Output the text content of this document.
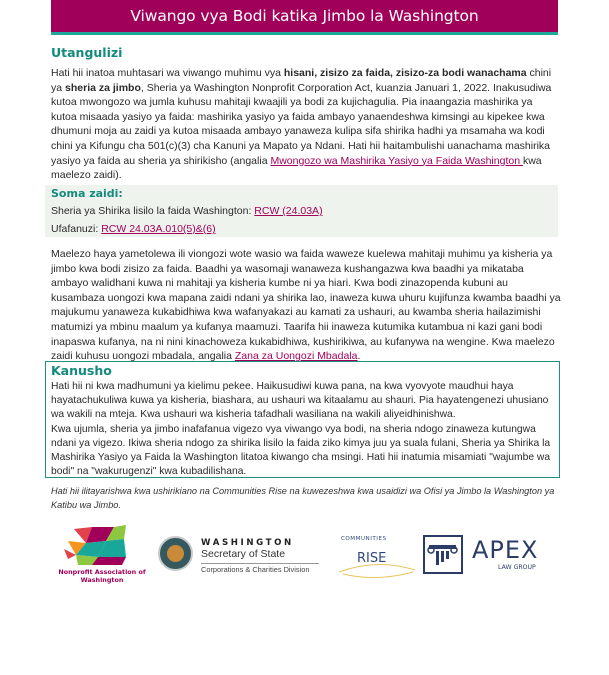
Viwango vya Bodi katika Jimbo la Washington
Utangulizi

Hati hii inatoa muhtasari wa viwango muhimu vya hisani, zisizo za faida, zisizo-za bodi wanachama chini ya sheria za jimbo, Sheria ya Washington Nonprofit Corporation Act, kuanzia Januari 1, 2022. Inakusudiwa kutoa mwongozo wa jumla kuhusu mahitaji kwaajili ya bodi za kujichagulia. Pia inaangazia mashirika ya kutoa misaada yasiyo ya faida: mashirika yasiyo ya faida ambayo yanaendeshwa kimsingi au kipekee kwa dhumuni moja au zaidi ya kutoa misaada ambayo yanaweza kulipa sifa shirika hadhi ya msamaha wa kodi chini ya Kifungu cha 501(c)(3) cha Kanuni ya Mapato ya Ndani. Hati hii haitambulishi uanachama mashirika yasiyo ya faida au sheria ya shirikisho (angalia Mwongozo wa Mashirika Yasiyo ya Faida Washington kwa maelezo zaidi).

Soma zaidi:

Sheria ya Shirika lisilo la faida Washington: RCW (24.03A)

Ufafanuzi: RCW 24.03A.010(5)&(6)

Maelezo haya yametolewa ili viongozi wote wasio wa faida waweze kuelewa mahitaji muhimu ya kisheria ya jimbo kwa bodi zisizo za faida. Baadhi ya wasomaji wanaweza kushangazwa kwa baadhi ya mikataba ambayo walidhani kuwa ni mahitaji ya kisheria kumbe ni ya hiari. Kwa bodi zinazopenda kubuni au kusambaza uongozi kwa mapana zaidi ndani ya shirika lao, inaweza kuwa uhuru kujifunza kwamba baadhi ya majukumu yanaweza kukabidhiwa kwa wafanyakazi au kamati za ushauri, au kwamba sheria hailazimishi matumizi ya mbinu maalum ya kufanya maamuzi. Taarifa hii inaweza kutumika kutambua ni kazi gani bodi inapaswa kufanya, na ni nini kinachoweza kukabidhiwa, kushirikiwa, au kufanywa na wengine. Kwa maelezo zaidi kuhusu uongozi mbadala, angalia Zana za Uongozi Mbadala.

Kanusho
Hati hii ni kwa madhumuni ya kielimu pekee. Haikusudiwi kuwa pana, na kwa vyovyote maudhui haya hayatachukuliwa kuwa ya kisheria, biashara, au ushauri wa kitaalamu au shauri. Pia hayatengenezi uhusiano wa wakili na mteja. Kwa ushauri wa kisheria tafadhali wasiliana na wakili aliyeidhinishwa.
Kwa ujumla, sheria ya jimbo inafafanua vigezo vya viwango vya bodi, na sheria ndogo zinaweza kutungwa ndani ya vigezo. Ikiwa sheria ndogo za shirika lisilo la faida ziko kimya juu ya suala fulani, Sheria ya Shirika la Mashirika Yasiyo ya Faida la Washington litatoa kiwango cha msingi. Hati hii inatumia misamiati "wajumbe wa bodi" na "wakurugenzi" kwa kubadilishana.

Hati hii ilitayarishwa kwa ushirikiano na Communities Rise na kuwezeshwa kwa usaidizi wa Ofisi ya Jimbo la Washington ya Katibu wa Jimbo.

Nonprofit Association of Washington
WASHINGTON
Secretary of State
Corporations & Charities Division
COMMUNITIES
RISE	APEX
LAW GROUP
